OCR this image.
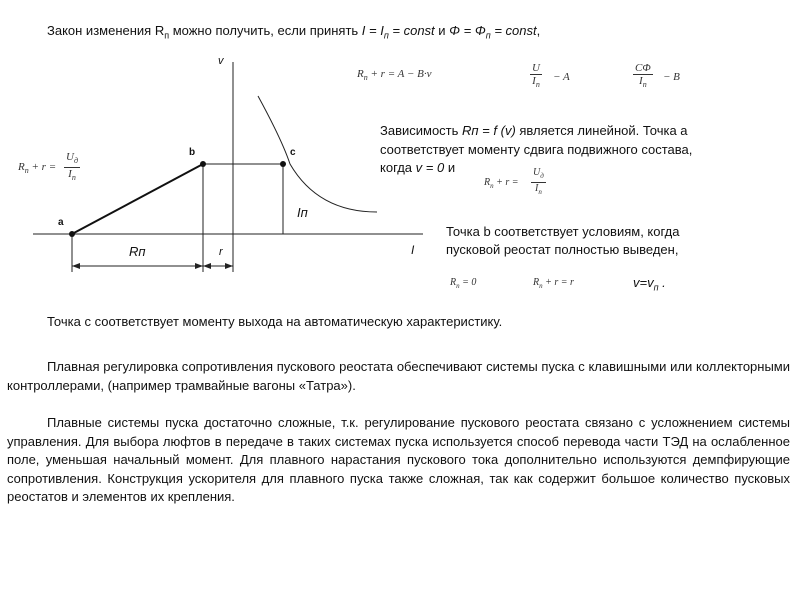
Закон изменения $R_п$ можно получить, если принять $I = I_п$ = const и $\Phi = \Phi_п$ = const,
$R_п + r = A - B\cdot v$	U
$I_п$
− A
CΦ
$I_п$
− B
v
I
a
b	c
Iп
Rп	r
$R_п + r$ =
$U_д$
$I_п$
Зависимость Rп = f (v) является линейной. Точка а
соответствует моменту сдвига подвижного состава,
когда v = 0 и
$R_п + r$ =
$U_д$
$I_п$
Точка b соответствует условиям, когда
пусковой реостат полностью выведен,
$R_п = 0$	$R_п + r = r$	$v=v_п$ .
Точка с соответствует моменту выхода на автоматическую характеристику.
Плавная регулировка сопротивления пускового реостата обеспечивают системы пуска с клавишными или коллекторными контроллерами, (например трамвайные вагоны «Татра»).
Плавные системы пуска достаточно сложные, т.к. регулирование пускового реостата связано с усложнением системы управления. Для выбора люфтов в передаче в таких системах пуска используется способ перевода части ТЭД на ослабленное поле, уменьшая начальный момент. Для плавного нарастания пускового тока дополнительно используются демпфирующие сопротивления. Конструкция ускорителя для плавного пуска также сложная, так как содержит большое количество пусковых реостатов и элементов их крепления.
